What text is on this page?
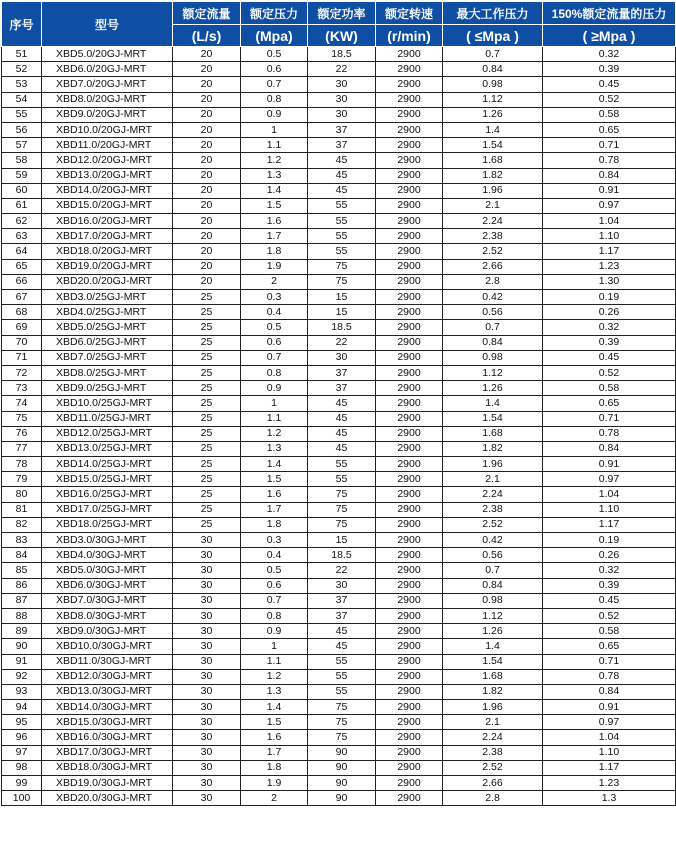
序号	型号	额定流量	额定压力	额定功率	额定转速	最大工作压力	150%额定流量的压力
		(L/s)	(Mpa)	(KW)	(r/min)	( ≤Mpa )	( ≥Mpa )
51	XBD5.0/20GJ-MRT	20	0.5	18.5	2900	0.7	0.32
52	XBD6.0/20GJ-MRT	20	0.6	22	2900	0.84	0.39
53	XBD7.0/20GJ-MRT	20	0.7	30	2900	0.98	0.45
54	XBD8.0/20GJ-MRT	20	0.8	30	2900	1.12	0.52
55	XBD9.0/20GJ-MRT	20	0.9	30	2900	1.26	0.58
56	XBD10.0/20GJ-MRT	20	1	37	2900	1.4	0.65
57	XBD11.0/20GJ-MRT	20	1.1	37	2900	1.54	0.71
58	XBD12.0/20GJ-MRT	20	1.2	45	2900	1.68	0.78
59	XBD13.0/20GJ-MRT	20	1.3	45	2900	1.82	0.84
60	XBD14.0/20GJ-MRT	20	1.4	45	2900	1.96	0.91
61	XBD15.0/20GJ-MRT	20	1.5	55	2900	2.1	0.97
62	XBD16.0/20GJ-MRT	20	1.6	55	2900	2.24	1.04
63	XBD17.0/20GJ-MRT	20	1.7	55	2900	2.38	1.10
64	XBD18.0/20GJ-MRT	20	1.8	55	2900	2.52	1.17
65	XBD19.0/20GJ-MRT	20	1.9	75	2900	2.66	1.23
66	XBD20.0/20GJ-MRT	20	2	75	2900	2.8	1.30
67	XBD3.0/25GJ-MRT	25	0.3	15	2900	0.42	0.19
68	XBD4.0/25GJ-MRT	25	0.4	15	2900	0.56	0.26
69	XBD5.0/25GJ-MRT	25	0.5	18.5	2900	0.7	0.32
70	XBD6.0/25GJ-MRT	25	0.6	22	2900	0.84	0.39
71	XBD7.0/25GJ-MRT	25	0.7	30	2900	0.98	0.45
72	XBD8.0/25GJ-MRT	25	0.8	37	2900	1.12	0.52
73	XBD9.0/25GJ-MRT	25	0.9	37	2900	1.26	0.58
74	XBD10.0/25GJ-MRT	25	1	45	2900	1.4	0.65
75	XBD11.0/25GJ-MRT	25	1.1	45	2900	1.54	0.71
76	XBD12.0/25GJ-MRT	25	1.2	45	2900	1.68	0.78
77	XBD13.0/25GJ-MRT	25	1.3	45	2900	1.82	0.84
78	XBD14.0/25GJ-MRT	25	1.4	55	2900	1.96	0.91
79	XBD15.0/25GJ-MRT	25	1.5	55	2900	2.1	0.97
80	XBD16.0/25GJ-MRT	25	1.6	75	2900	2.24	1.04
81	XBD17.0/25GJ-MRT	25	1.7	75	2900	2.38	1.10
82	XBD18.0/25GJ-MRT	25	1.8	75	2900	2.52	1.17
83	XBD3.0/30GJ-MRT	30	0.3	15	2900	0.42	0.19
84	XBD4.0/30GJ-MRT	30	0.4	18.5	2900	0.56	0.26
85	XBD5.0/30GJ-MRT	30	0.5	22	2900	0.7	0.32
86	XBD6.0/30GJ-MRT	30	0.6	30	2900	0.84	0.39
87	XBD7.0/30GJ-MRT	30	0.7	37	2900	0.98	0.45
88	XBD8.0/30GJ-MRT	30	0.8	37	2900	1.12	0.52
89	XBD9.0/30GJ-MRT	30	0.9	45	2900	1.26	0.58
90	XBD10.0/30GJ-MRT	30	1	45	2900	1.4	0.65
91	XBD11.0/30GJ-MRT	30	1.1	55	2900	1.54	0.71
92	XBD12.0/30GJ-MRT	30	1.2	55	2900	1.68	0.78
93	XBD13.0/30GJ-MRT	30	1.3	55	2900	1.82	0.84
94	XBD14.0/30GJ-MRT	30	1.4	75	2900	1.96	0.91
95	XBD15.0/30GJ-MRT	30	1.5	75	2900	2.1	0.97
96	XBD16.0/30GJ-MRT	30	1.6	75	2900	2.24	1.04
97	XBD17.0/30GJ-MRT	30	1.7	90	2900	2.38	1.10
98	XBD18.0/30GJ-MRT	30	1.8	90	2900	2.52	1.17
99	XBD19.0/30GJ-MRT	30	1.9	90	2900	2.66	1.23
100	XBD20.0/30GJ-MRT	30	2	90	2900	2.8	1.3
